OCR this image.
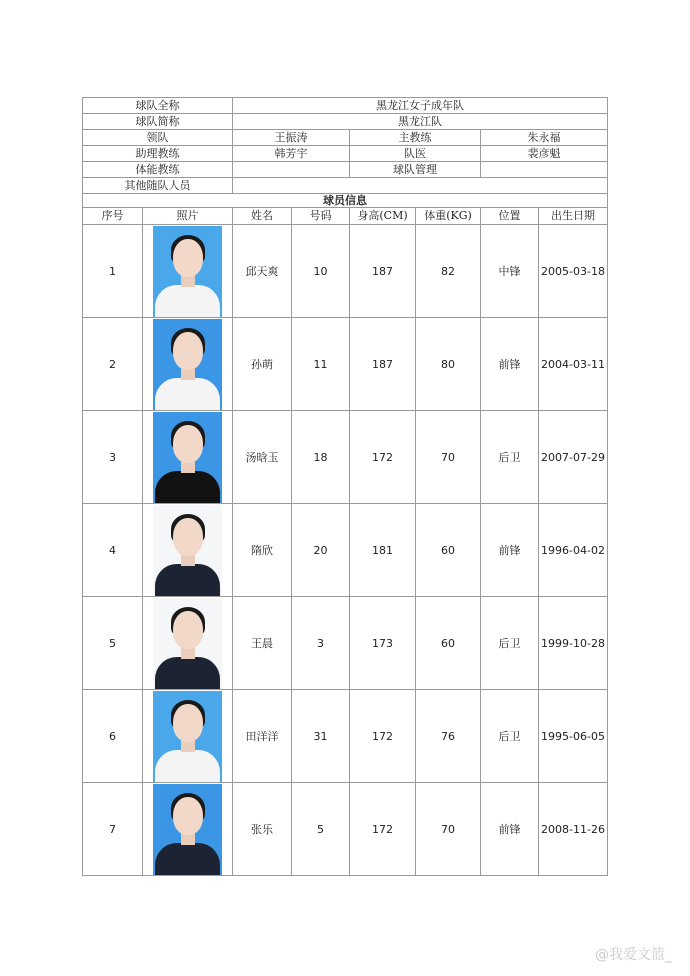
球队全称		黑龙江女子成年队					
球队简称		黑龙江队					
领队		王振涛		主教练		朱永福	
助理教练		韩芳宇		队医		裴彦魁	
体能教练				球队管理			
其他随队人员							
球员信息							
序号	照片	姓名	号码	身高(CM)	体重(KG)	位置	出生日期
1		邱天爽	10	187	82	中锋	2005-03-18
2		孙萌	11	187	80	前锋	2004-03-11
3		汤晗玉	18	172	70	后卫	2007-07-29
4		隋欣	20	181	60	前锋	1996-04-02
5		王晨	3	173	60	后卫	1999-10-28
6		田洋洋	31	172	76	后卫	1995-06-05
7		张乐	5	172	70	前锋	2008-11-26
@我爱文篮_
